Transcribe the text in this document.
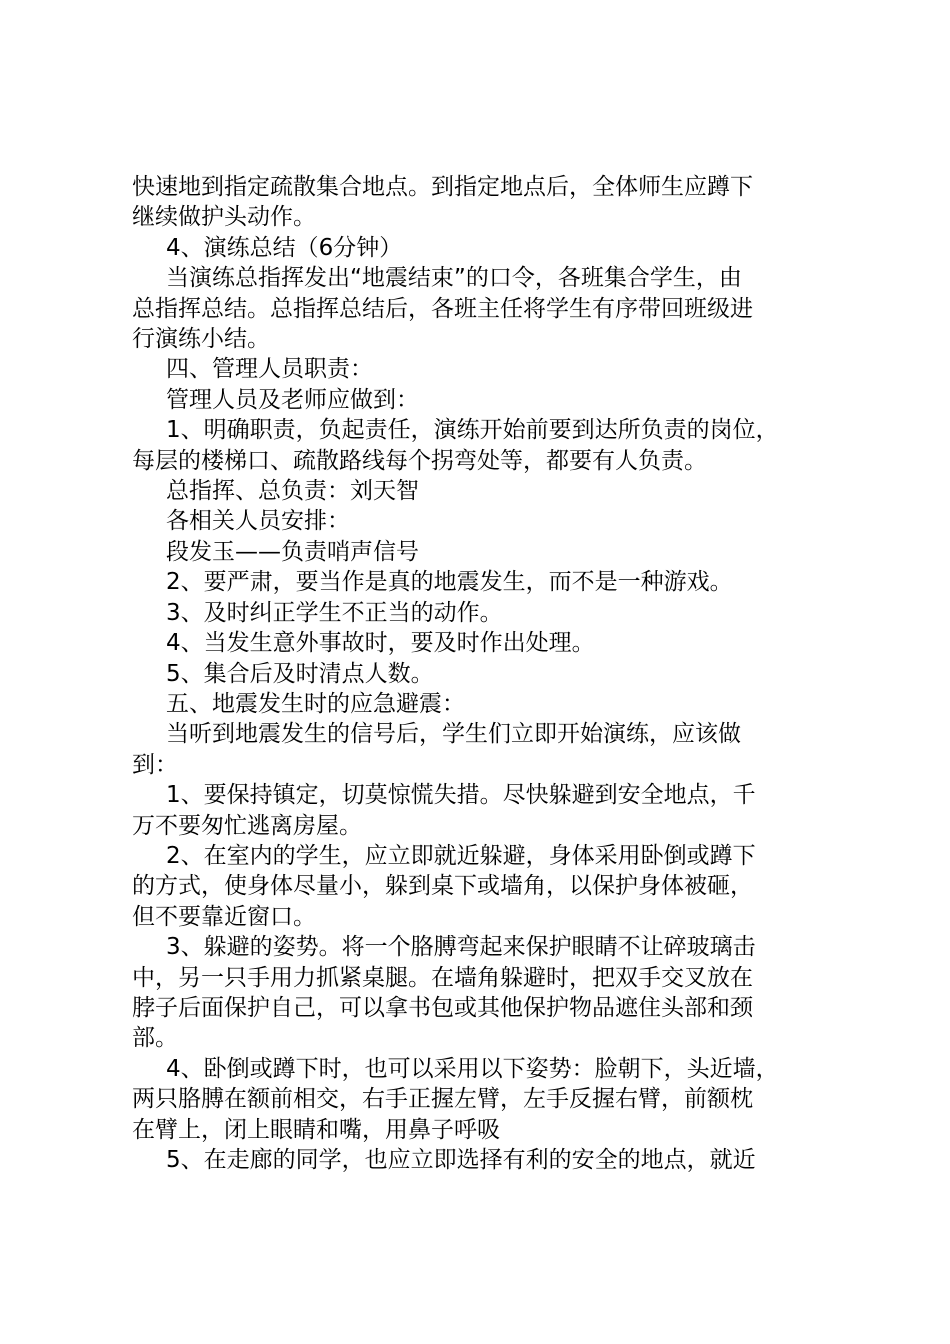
快速地到指定疏散集合地点。到指定地点后，全体师生应蹲下

继续做护头动作。

4、演练总结（6分钟）

当演练总指挥发出“地震结束”的口令，各班集合学生，由

总指挥总结。总指挥总结后，各班主任将学生有序带回班级进

行演练小结。

四、管理人员职责：

管理人员及老师应做到：

1、明确职责，负起责任，演练开始前要到达所负责的岗位，

每层的楼梯口、疏散路线每个拐弯处等，都要有人负责。

总指挥、总负责：刘天智

各相关人员安排：

段发玉——负责哨声信号

2、要严肃，要当作是真的地震发生，而不是一种游戏。

3、及时纠正学生不正当的动作。

4、当发生意外事故时，要及时作出处理。

5、集合后及时清点人数。

五、地震发生时的应急避震：

当听到地震发生的信号后，学生们立即开始演练，应该做

到：

1、要保持镇定，切莫惊慌失措。尽快躲避到安全地点，千

万不要匆忙逃离房屋。

2、在室内的学生，应立即就近躲避，身体采用卧倒或蹲下

的方式，使身体尽量小，躲到桌下或墙角，以保护身体被砸，

但不要靠近窗口。

3、躲避的姿势。将一个胳膊弯起来保护眼睛不让碎玻璃击

中，另一只手用力抓紧桌腿。在墙角躲避时，把双手交叉放在

脖子后面保护自己，可以拿书包或其他保护物品遮住头部和颈

部。

4、卧倒或蹲下时，也可以采用以下姿势：脸朝下，头近墙，

两只胳膊在额前相交，右手正握左臂，左手反握右臂，前额枕

在臂上，闭上眼睛和嘴，用鼻子呼吸

5、在走廊的同学，也应立即选择有利的安全的地点，就近
